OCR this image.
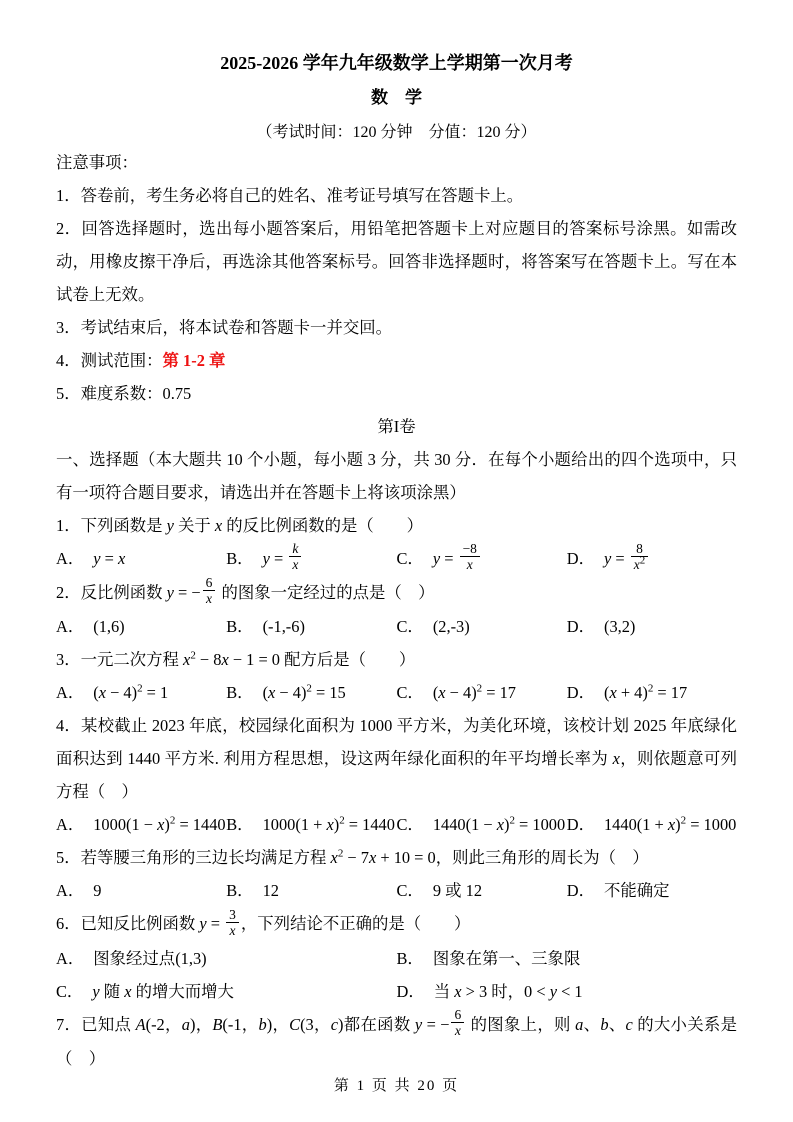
2025-2026 学年九年级数学上学期第一次月考
数　学
（考试时间：120 分钟　分值：120 分）
注意事项：
1．答卷前，考生务必将自己的姓名、准考证号填写在答题卡上。
2．回答选择题时，选出每小题答案后，用铅笔把答题卡上对应题目的答案标号涂黑。如需改动，用橡皮擦干净后，再选涂其他答案标号。回答非选择题时，将答案写在答题卡上。写在本试卷上无效。
3．考试结束后，将本试卷和答题卡一并交回。
4．测试范围：第 1-2 章
5．难度系数：0.75
第I卷
一、选择题（本大题共 10 个小题，每小题 3 分，共 30 分．在每个小题给出的四个选项中，只有一项符合题目要求，请选出并在答题卡上将该项涂黑）
1．下列函数是 y 关于 x 的反比例函数的是（　　）
A． y = x	B． $y = \frac{k}{x}$	C． $y = \frac{-8}{x}$	D． $y = \frac{8}{x^2}$
2．反比例函数 y = − $\frac{6}{x}$ 的图象一定经过的点是（　）
A． (1,6)	B． (-1,-6)	C． (2,-3)	D． (3,2)
3．一元二次方程 $x^2 - 8x - 1 = 0$ 配方后是（　　）
A． $(x - 4)^2 = 1$	B． $(x - 4)^2 = 15$	C． $(x - 4)^2 = 17$	D． $(x + 4)^2 = 17$
4．某校截止 2023 年底，校园绿化面积为 1000 平方米，为美化环境，该校计划 2025 年底绿化面积达到 1440 平方米. 利用方程思想，设这两年绿化面积的年平均增长率为 x，则依题意可列方程（　）
A． $1000(1 - x)^2 = 1440$ B． $1000(1 + x)^2 = 1440$ C． $1440(1 - x)^2 = 1000$ D． $1440(1 + x)^2 = 1000$
5．若等腰三角形的三边长均满足方程 $x^2 - 7x + 10 = 0$，则此三角形的周长为（　）
A． 9	B． 12	C． 9 或 12	D． 不能确定
6．已知反比例函数 $y = \frac{3}{x}$ ，下列结论不正确的是（　　）
A． 图象经过点(1,3)	B． 图象在第一、三象限
C． y 随 x 的增大而增大	D． 当 x > 3 时，0 < y < 1
7．已知点 A(-2，a)，B(-1，b)，C(3，c)都在函数 y = − $\frac{6}{x}$ 的图象上，则 a、b、c 的大小关系是（　）
第 1 页 共 20 页
